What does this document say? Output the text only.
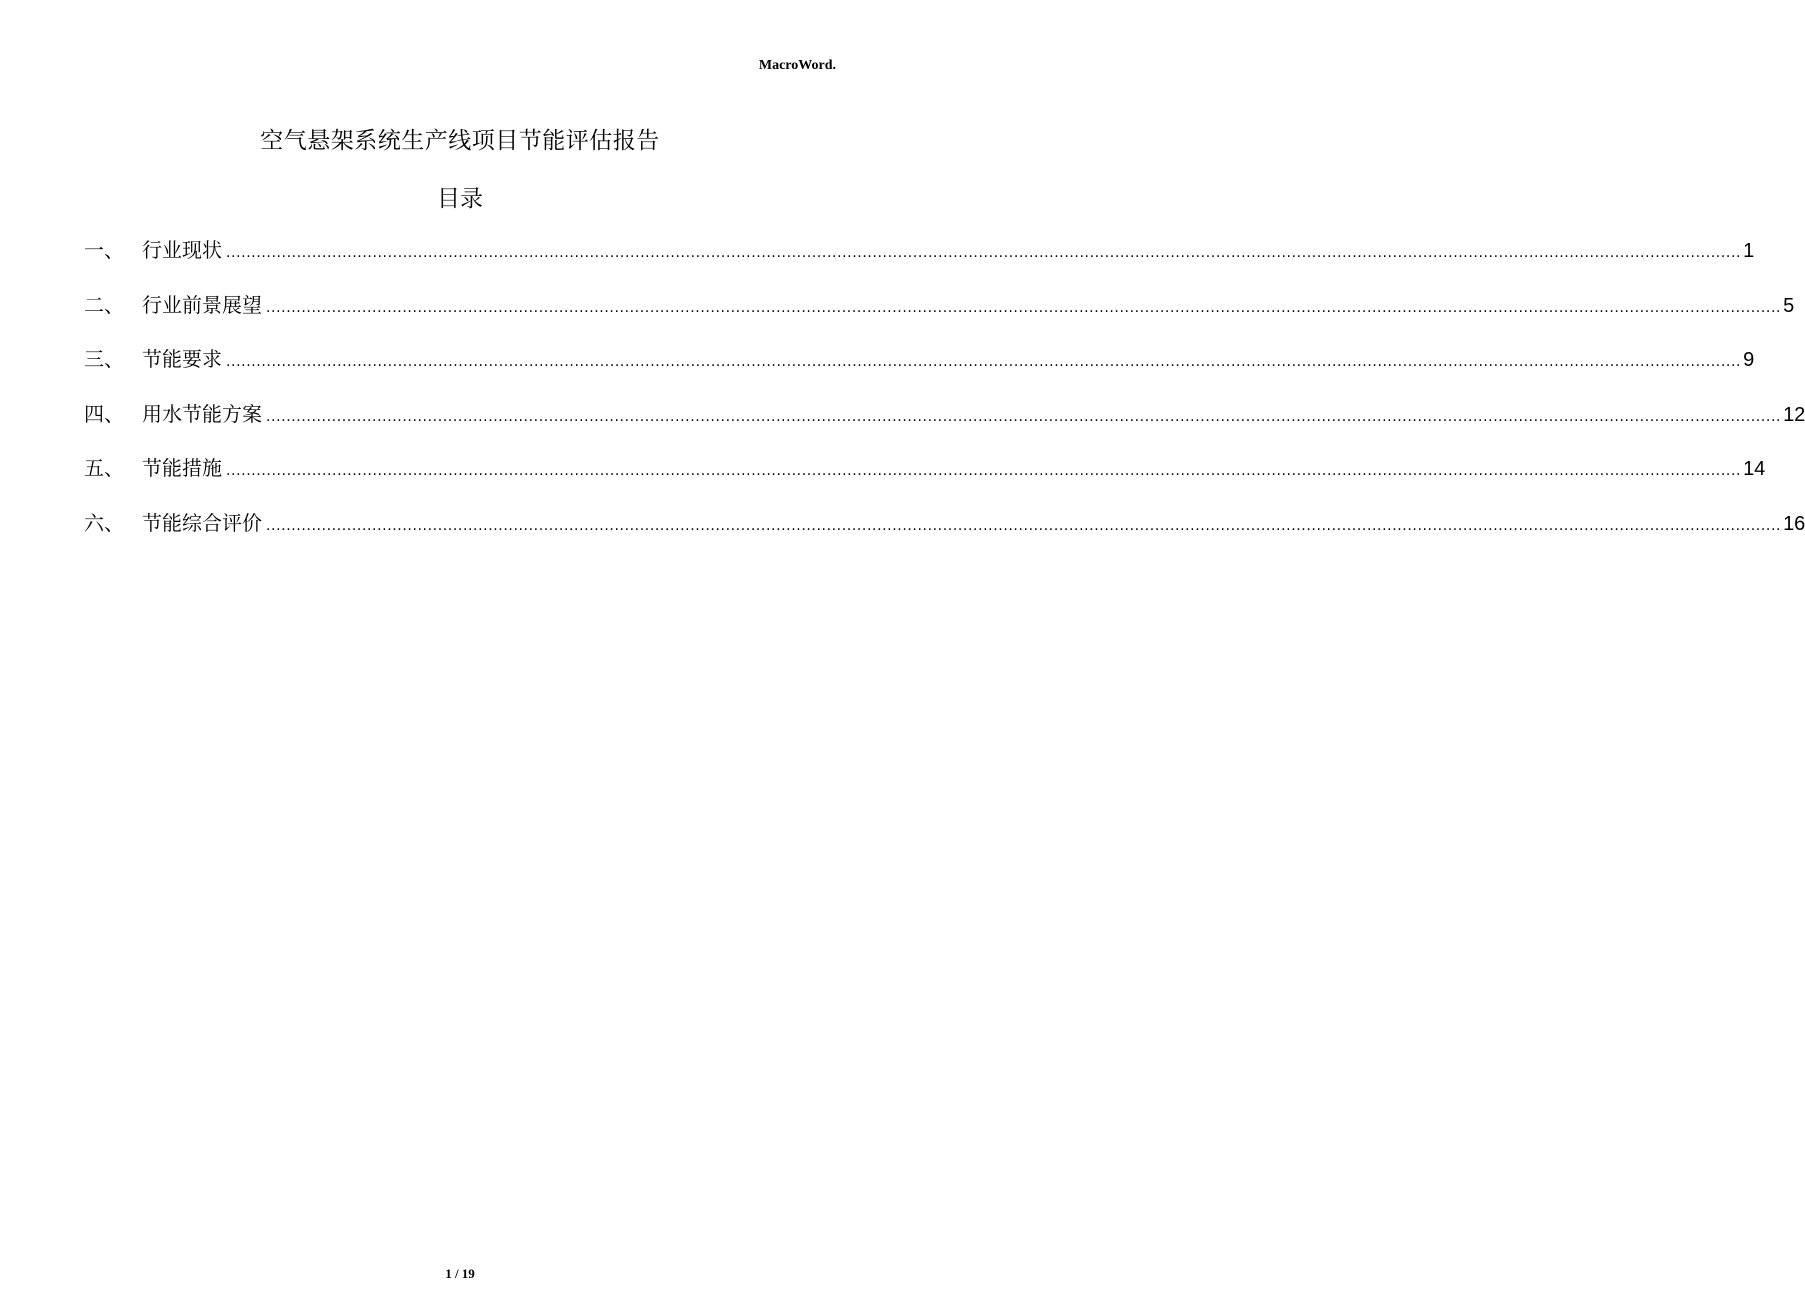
MacroWord.
空气悬架系统生产线项目节能评估报告
目录
一、 行业现状 ............................................................................................................................................................................................................................................................................................................ 1
二、 行业前景展望 ............................................................................................................................................................................................................................................................................................................ 5
三、 节能要求 ............................................................................................................................................................................................................................................................................................................ 9
四、 用水节能方案 ............................................................................................................................................................................................................................................................................................................ 12
五、 节能措施 ............................................................................................................................................................................................................................................................................................................ 14
六、 节能综合评价 ............................................................................................................................................................................................................................................................................................................ 16
1 / 19
